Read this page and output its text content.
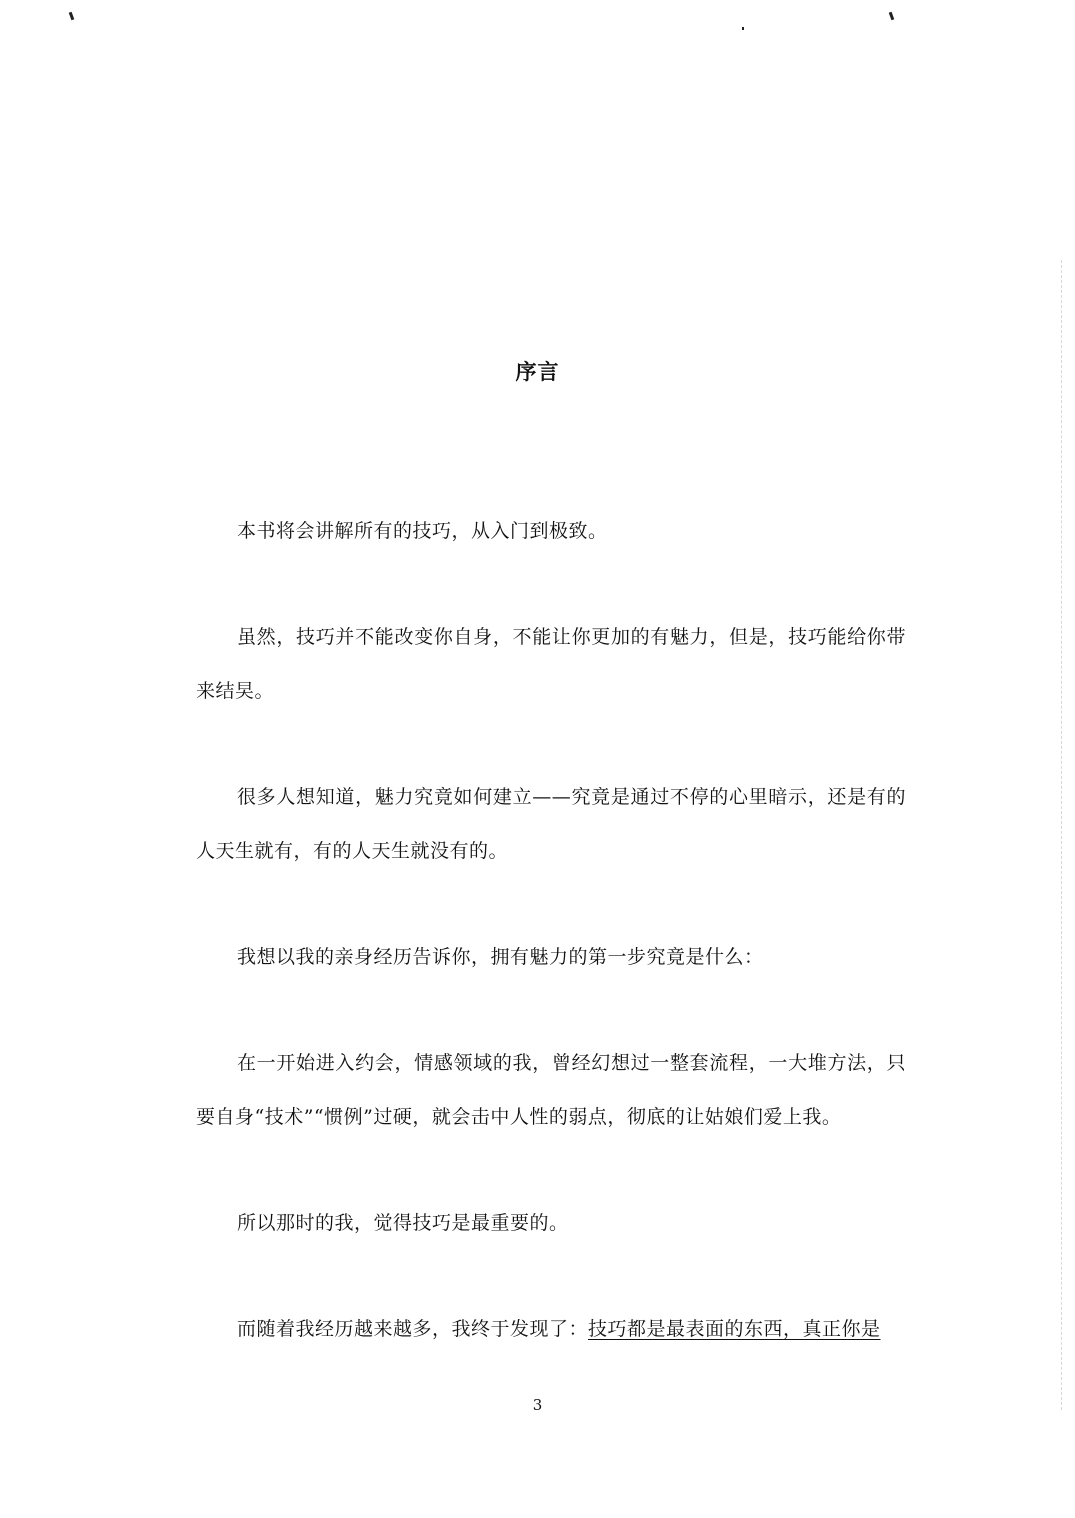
序言

本书将会讲解所有的技巧，从入门到极致。

虽然，技巧并不能改变你自身，不能让你更加的有魅力，但是，技巧能给你带来结旲。

很多人想知道，魅力究竟如何建立——究竟是通过不停的心里暗示，还是有的人天生就有，有的人天生就没有的。

我想以我的亲身经历告诉你，拥有魅力的第一步究竟是什么：

在一开始进入约会，情感领域的我，曾经幻想过一整套流程，一大堆方法，只要自身“技术”“惯例”过硬，就会击中人性的弱点，彻底的让姑娘们爱上我。

所以那时的我，觉得技巧是最重要的。

而随着我经历越来越多，我终于发现了：技巧都是最表面的东西，真正你是

3
